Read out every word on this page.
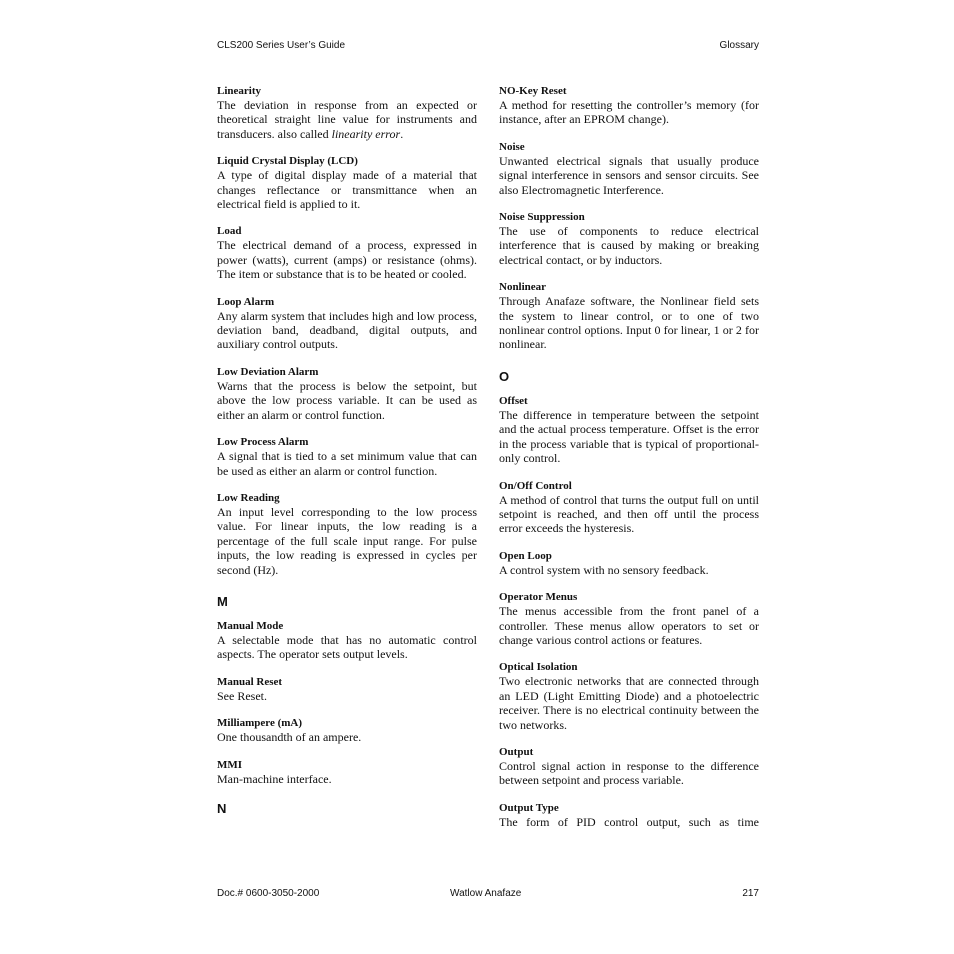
CLS200 Series User’s Guide	Glossary
Linearity
The deviation in response from an expected or theoretical straight line value for instruments and transducers. also called linearity error.
Liquid Crystal Display (LCD)
A type of digital display made of a material that changes reflectance or transmittance when an electrical field is applied to it.
Load
The electrical demand of a process, expressed in power (watts), current (amps) or resistance (ohms). The item or substance that is to be heated or cooled.
Loop Alarm
Any alarm system that includes high and low process, deviation band, deadband, digital outputs, and auxiliary control outputs.
Low Deviation Alarm
Warns that the process is below the setpoint, but above the low process variable. It can be used as either an alarm or control function.
Low Process Alarm
A signal that is tied to a set minimum value that can be used as either an alarm or control function.
Low Reading
An input level corresponding to the low process value. For linear inputs, the low reading is a percentage of the full scale input range. For pulse inputs, the low reading is expressed in cycles per second (Hz).
M
Manual Mode
A selectable mode that has no automatic control aspects. The operator sets output levels.
Manual Reset
See Reset.
Milliampere (mA)
One thousandth of an ampere.
MMI
Man-machine interface.
N
NO-Key Reset
A method for resetting the controller’s memory (for instance, after an EPROM change).
Noise
Unwanted electrical signals that usually produce signal interference in sensors and sensor circuits. See also Electromagnetic Interference.
Noise Suppression
The use of components to reduce electrical interference that is caused by making or breaking electrical contact, or by inductors.
Nonlinear
Through Anafaze software, the Nonlinear field sets the system to linear control, or to one of two nonlinear control options. Input 0 for linear, 1 or 2 for nonlinear.
O
Offset
The difference in temperature between the setpoint and the actual process temperature. Offset is the error in the process variable that is typical of proportional-only control.
On/Off Control
A method of control that turns the output full on until setpoint is reached, and then off until the process error exceeds the hysteresis.
Open Loop
A control system with no sensory feedback.
Operator Menus
The menus accessible from the front panel of a controller. These menus allow operators to set or change various control actions or features.
Optical Isolation
Two electronic networks that are connected through an LED (Light Emitting Diode) and a photoelectric receiver. There is no electrical continuity between the two networks.
Output
Control signal action in response to the difference between setpoint and process variable.
Output Type
The form of PID control output, such as time
Doc.# 0600-3050-2000	Watlow Anafaze	217
